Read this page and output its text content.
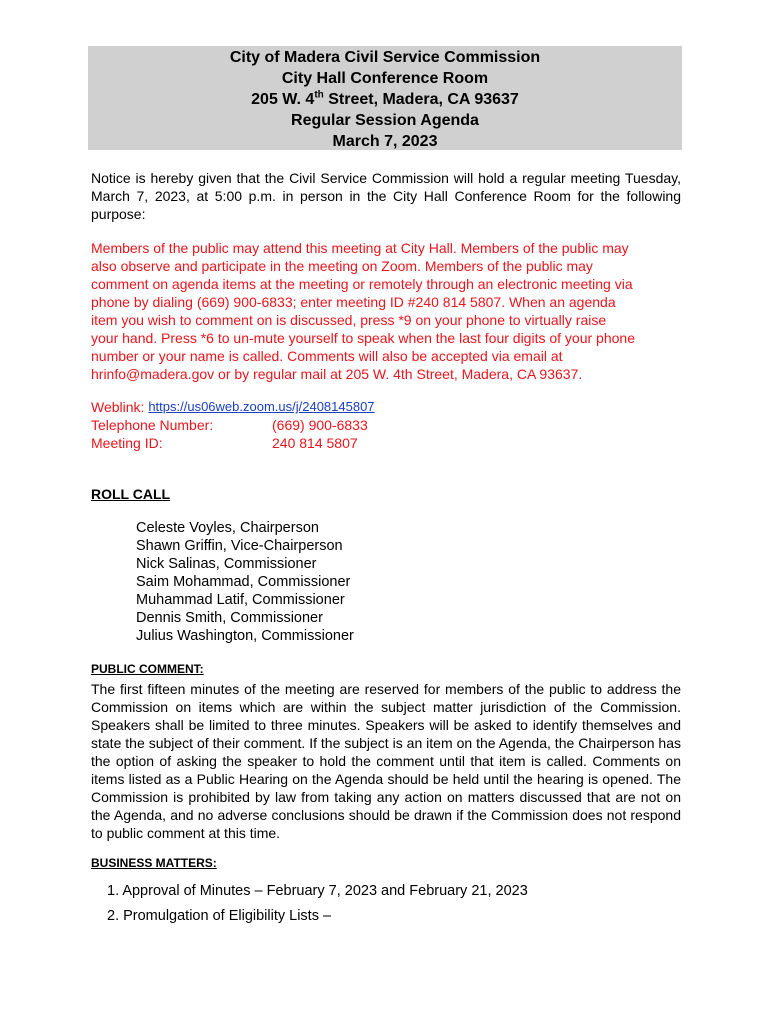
City of Madera Civil Service Commission
City Hall Conference Room
205 W. 4th Street, Madera, CA 93637
Regular Session Agenda
March 7, 2023
Notice is hereby given that the Civil Service Commission will hold a regular meeting Tuesday, March 7, 2023, at 5:00 p.m. in person in the City Hall Conference Room for the following purpose:
Members of the public may attend this meeting at City Hall. Members of the public may
also observe and participate in the meeting on Zoom. Members of the public may
comment on agenda items at the meeting or remotely through an electronic meeting via
phone by dialing (669) 900-6833; enter meeting ID #240 814 5807. When an agenda
item you wish to comment on is discussed, press *9 on your phone to virtually raise
your hand. Press *6 to un-mute yourself to speak when the last four digits of your phone
number or your name is called. Comments will also be accepted via email at
hrinfo@madera.gov or by regular mail at 205 W. 4th Street, Madera, CA 93637.
Weblink:
https://us06web.zoom.us/j/2408145807
Telephone Number:	(669) 900-6833
Meeting ID:	240 814 5807
ROLL CALL
Celeste Voyles, Chairperson
Shawn Griffin, Vice-Chairperson
Nick Salinas, Commissioner
Saim Mohammad, Commissioner
Muhammad Latif, Commissioner
Dennis Smith, Commissioner
Julius Washington, Commissioner
PUBLIC COMMENT:
The first fifteen minutes of the meeting are reserved for members of the public to address the Commission on items which are within the subject matter jurisdiction of the Commission. Speakers shall be limited to three minutes. Speakers will be asked to identify themselves and state the subject of their comment. If the subject is an item on the Agenda, the Chairperson has the option of asking the speaker to hold the comment until that item is called. Comments on items listed as a Public Hearing on the Agenda should be held until the hearing is opened. The Commission is prohibited by law from taking any action on matters discussed that are not on the Agenda, and no adverse conclusions should be drawn if the Commission does not respond to public comment at this time.
BUSINESS MATTERS:
1. Approval of Minutes – February 7, 2023 and February 21, 2023
2. Promulgation of Eligibility Lists –
